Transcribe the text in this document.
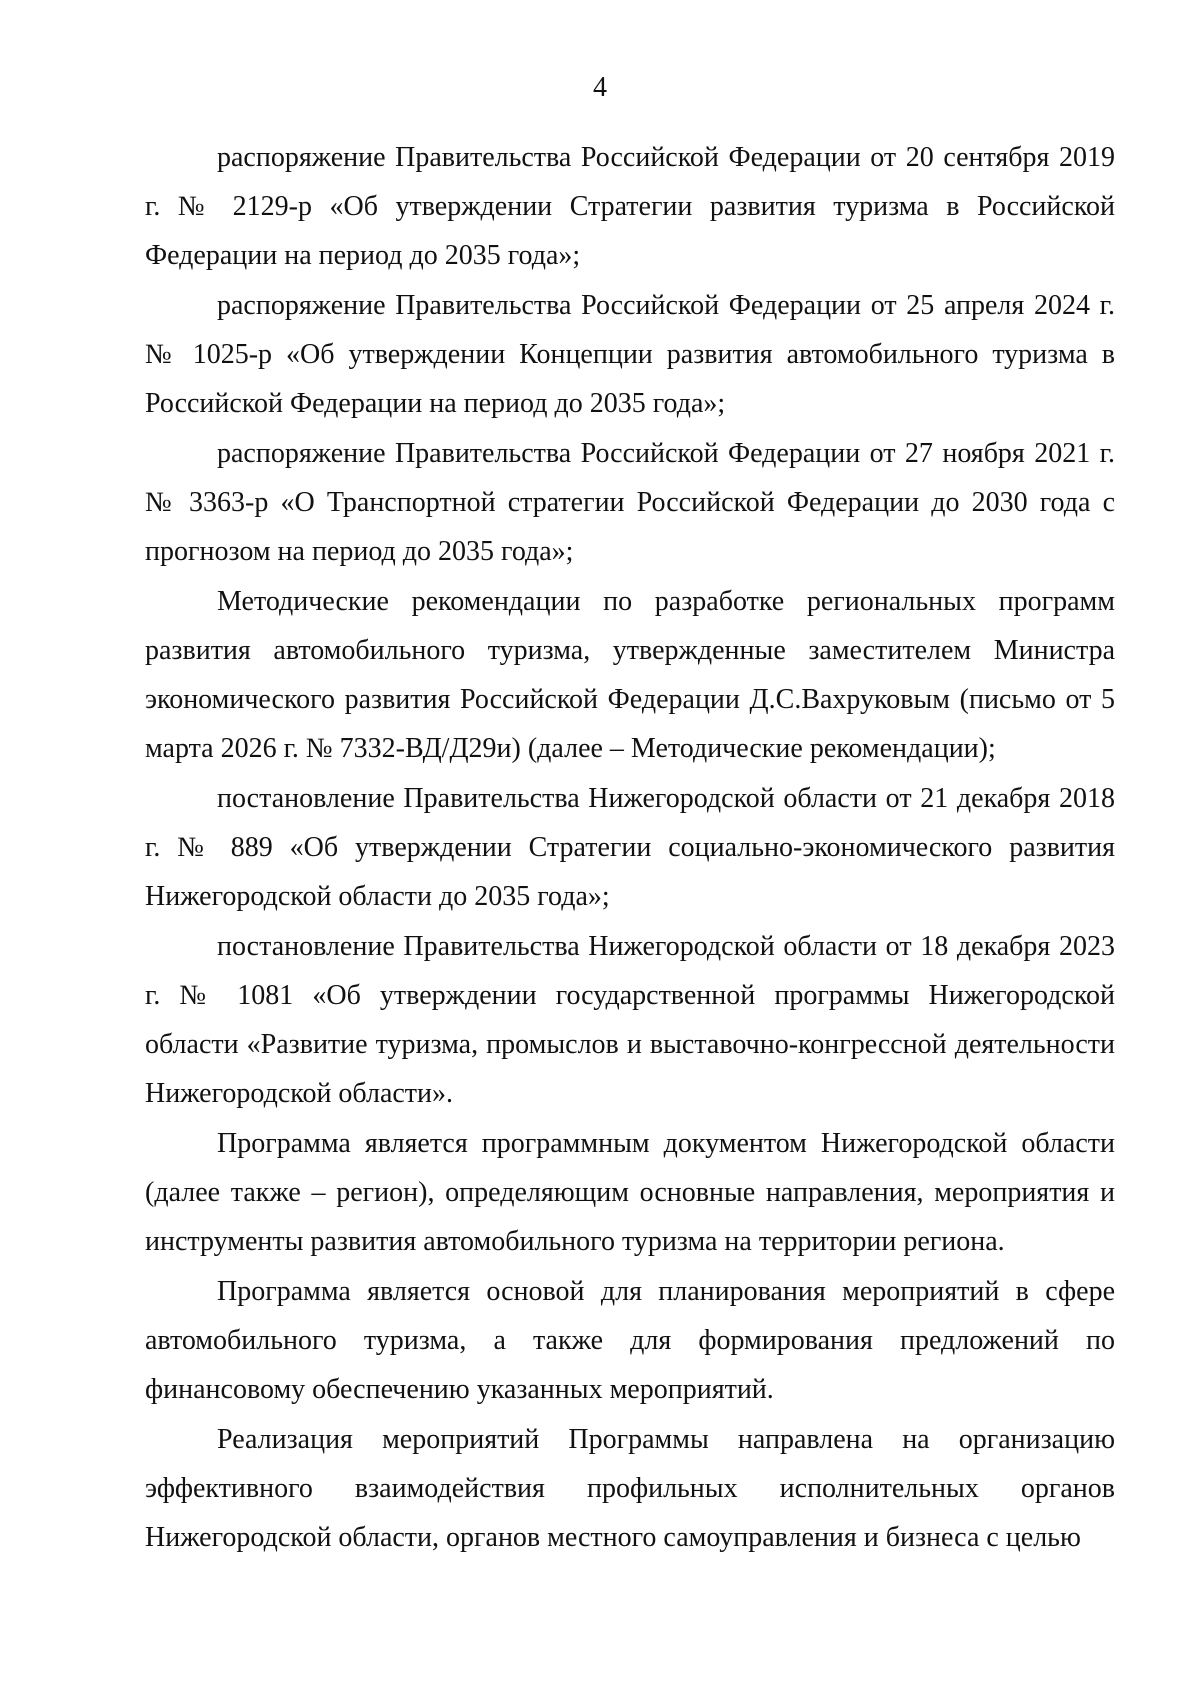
4

распоряжение Правительства Российской Федерации от 20 сентября 2019 г. № 2129-р «Об утверждении Стратегии развития туризма в Российской Федерации на период до 2035 года»;

распоряжение Правительства Российской Федерации от 25 апреля 2024 г. № 1025-р «Об утверждении Концепции развития автомобильного туризма в Российской Федерации на период до 2035 года»;

распоряжение Правительства Российской Федерации от 27 ноября 2021 г. № 3363-р «О Транспортной стратегии Российской Федерации до 2030 года с прогнозом на период до 2035 года»;

Методические рекомендации по разработке региональных программ развития автомобильного туризма, утвержденные заместителем Министра экономического развития Российской Федерации Д.С.Вахруковым (письмо от 5 марта 2026 г. № 7332-ВД/Д29и) (далее – Методические рекомендации);

постановление Правительства Нижегородской области от 21 декабря 2018 г. № 889 «Об утверждении Стратегии социально-экономического развития Нижегородской области до 2035 года»;

постановление Правительства Нижегородской области от 18 декабря 2023 г. № 1081 «Об утверждении государственной программы Нижегородской области «Развитие туризма, промыслов и выставочно-конгрессной деятельности Нижегородской области».

Программа является программным документом Нижегородской области (далее также – регион), определяющим основные направления, мероприятия и инструменты развития автомобильного туризма на территории региона.

Программа является основой для планирования мероприятий в сфере автомобильного туризма, а также для формирования предложений по финансовому обеспечению указанных мероприятий.

Реализация мероприятий Программы направлена на организацию эффективного взаимодействия профильных исполнительных органов Нижегородской области, органов местного самоуправления и бизнеса с целью
